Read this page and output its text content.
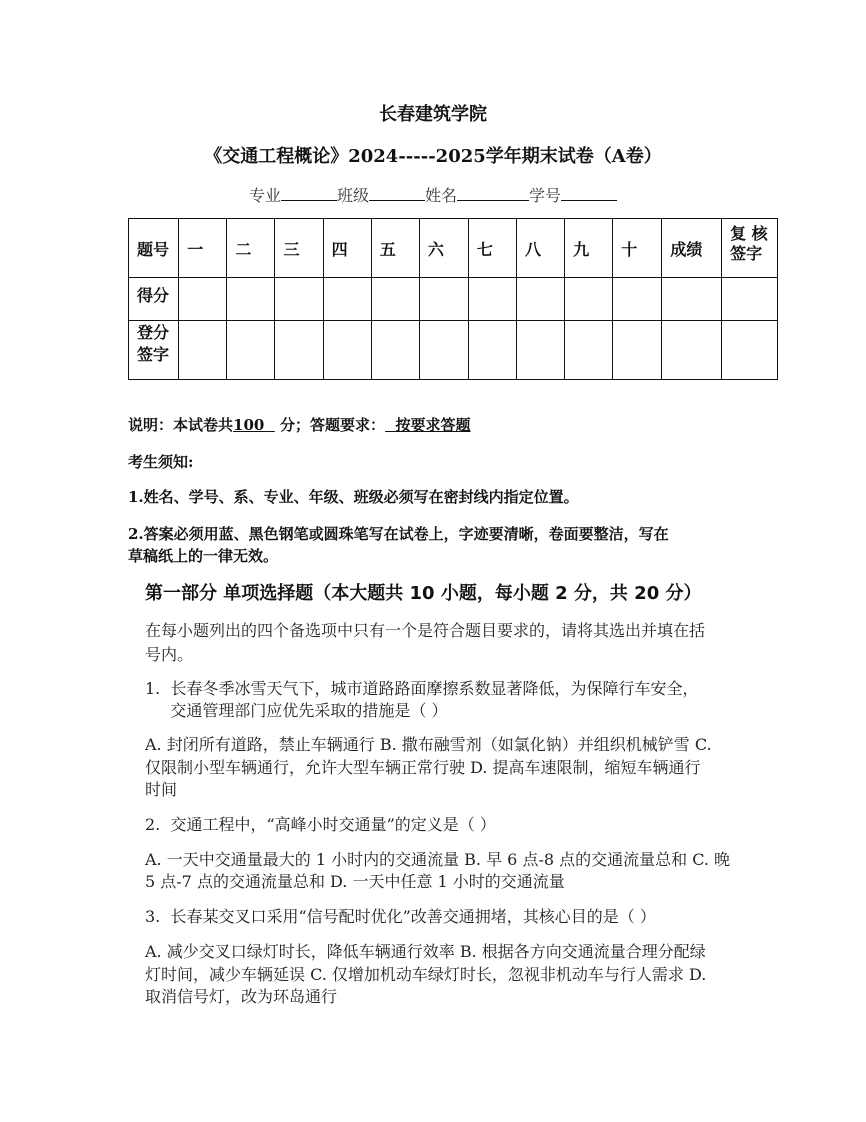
长春建筑学院
《交通工程概论》2024-----2025学年期末试卷（A卷）
专业	班级	姓名	学号
题号	一	二	三	四	五	六	七	八	九	十	成绩	复 核签字
得分												
登分签字												
说明：本试卷共100 分；答题要求： 按要求答题
考生须知:
1.姓名、学号、系、专业、年级、班级必须写在密封线内指定位置。
2.答案必须用蓝、黑色钢笔或圆珠笔写在试卷上，字迹要清晰，卷面要整洁，写在
草稿纸上的一律无效。
第一部分 单项选择题（本大题共 10 小题，每小题 2 分，共 20 分）
在每小题列出的四个备选项中只有一个是符合题目要求的，请将其选出并填在括
号内。
1.  长春冬季冰雪天气下，城市道路路面摩擦系数显著降低，为保障行车安全，
交通管理部门应优先采取的措施是（ ）
A. 封闭所有道路，禁止车辆通行 B. 撒布融雪剂（如氯化钠）并组织机械铲雪 C.
仅限制小型车辆通行，允许大型车辆正常行驶 D. 提高车速限制，缩短车辆通行
时间
2.  交通工程中，“高峰小时交通量”的定义是（ ）
A. 一天中交通量最大的 1 小时内的交通流量 B. 早 6 点-8 点的交通流量总和 C. 晚
5 点-7 点的交通流量总和 D. 一天中任意 1 小时的交通流量
3.  长春某交叉口采用“信号配时优化”改善交通拥堵，其核心目的是（ ）
A. 减少交叉口绿灯时长，降低车辆通行效率 B. 根据各方向交通流量合理分配绿
灯时间，减少车辆延误 C. 仅增加机动车绿灯时长，忽视非机动车与行人需求 D.
取消信号灯，改为环岛通行
